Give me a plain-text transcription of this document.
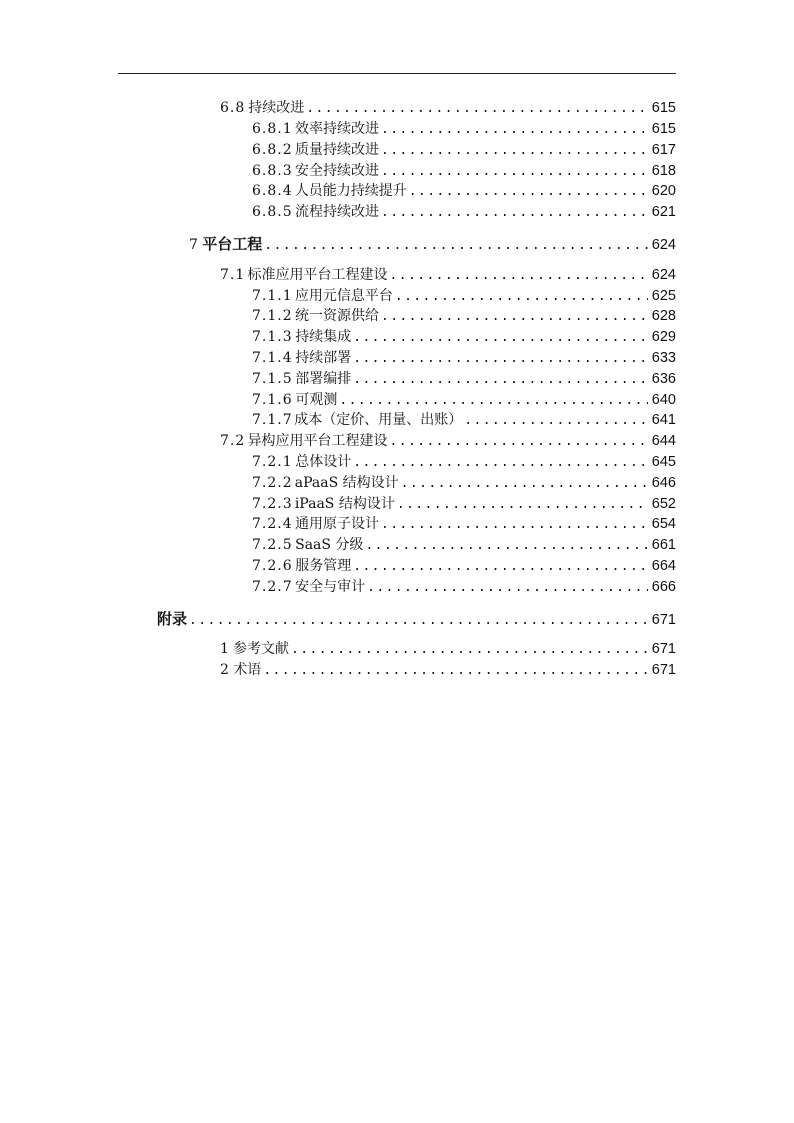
6.8 持续改进 .....	615
6.8.1 效率持续改进 .....	615
6.8.2 质量持续改进 .....	617
6.8.3 安全持续改进 .....	618
6.8.4 人员能力持续提升 .....	620
6.8.5 流程持续改进 .....	621
7 平台工程 .....	624
7.1 标准应用平台工程建设 .....	624
7.1.1 应用元信息平台 .....	625
7.1.2 统一资源供给 .....	628
7.1.3 持续集成 .....	629
7.1.4 持续部署 .....	633
7.1.5 部署编排 .....	636
7.1.6 可观测 .....	640
7.1.7 成本（定价、用量、出账） .....	641
7.2 异构应用平台工程建设 .....	644
7.2.1 总体设计 .....	645
7.2.2 aPaaS 结构设计 .....	646
7.2.3 iPaaS 结构设计 .....	652
7.2.4 通用原子设计 .....	654
7.2.5 SaaS 分级 .....	661
7.2.6 服务管理 .....	664
7.2.7 安全与审计 .....	666
附录 .....	671
1 参考文献 .....	671
2 术语 .....	671
